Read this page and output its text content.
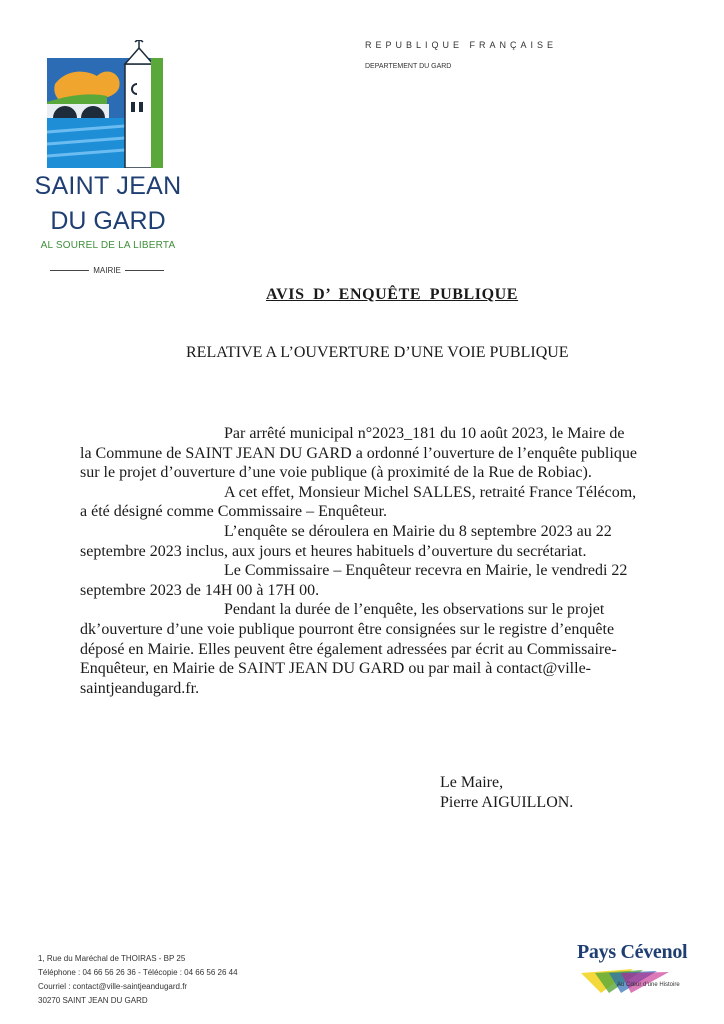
SAINT JEAN
DU GARD
AL SOUREL DE LA LIBERTA
MAIRIE
REPUBLIQUE FRANÇAISE
DEPARTEMENT DU GARD
AVIS D’ ENQUÊTE PUBLIQUE
RELATIVE A L’OUVERTURE D’UNE VOIE PUBLIQUE

Par arrêté municipal n°2023_181 du 10 août 2023, le Maire de la Commune de SAINT JEAN DU GARD a ordonné l’ouverture de l’enquête publique sur le projet d’ouverture d’une voie publique (à proximité de la Rue de Robiac).

A cet effet, Monsieur Michel SALLES, retraité France Télécom, a été désigné comme Commissaire – Enquêteur.

L’enquête se déroulera en Mairie du 8 septembre 2023 au 22 septembre 2023 inclus, aux jours et heures habituels d’ouverture du secrétariat.

Le Commissaire – Enquêteur recevra en Mairie, le vendredi 22 septembre 2023 de 14H 00 à 17H 00.

Pendant la durée de l’enquête, les observations sur le projet dk’ouverture d’une voie publique pourront être consignées sur le registre d’enquête déposé en Mairie. Elles peuvent être également adressées par écrit au Commissaire-Enquêteur, en Mairie de SAINT JEAN DU GARD ou par mail à contact@ville-saintjeandugard.fr.

Le Maire,
Pierre AIGUILLON.
1, Rue du Maréchal de THOIRAS - BP 25
Téléphone : 04 66 56 26 36 - Télécopie : 04 66 56 26 44
Courriel : contact@ville-saintjeandugard.fr
30270 SAINT JEAN DU GARD
Pays Cévenol
Au Cœur d’une Histoire
